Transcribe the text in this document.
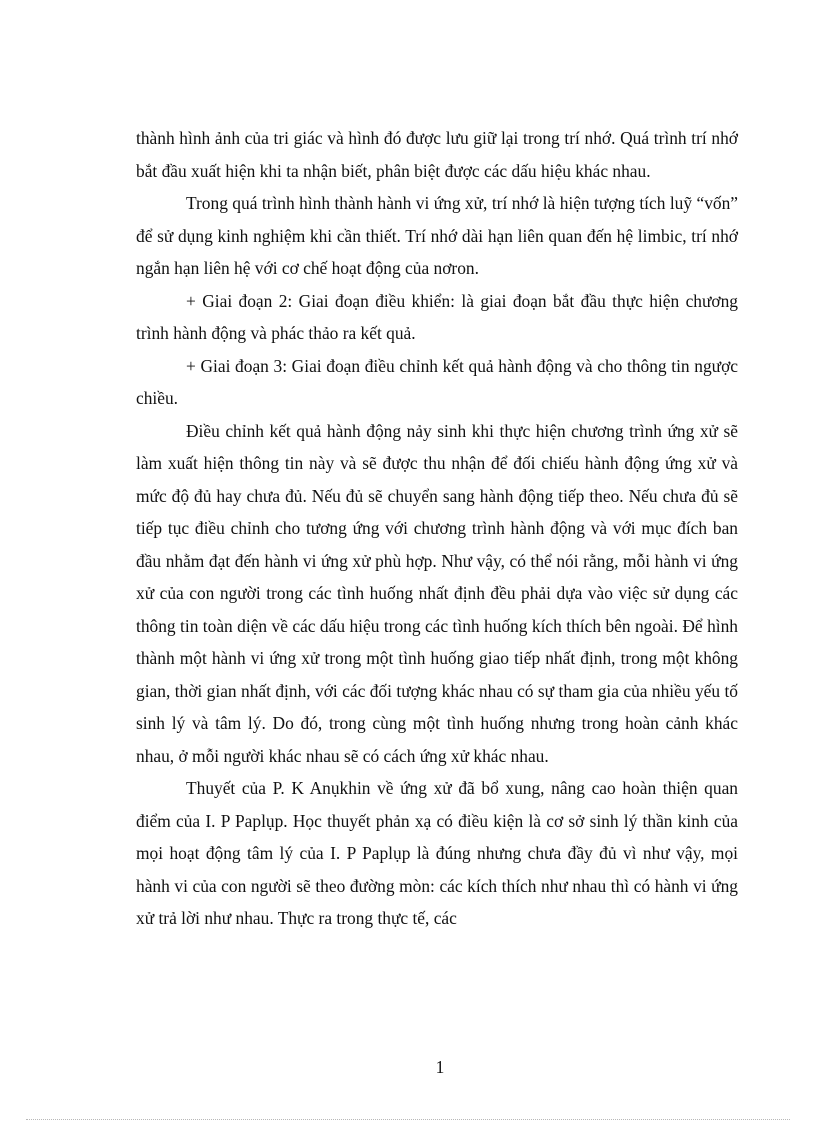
thành hình ảnh của tri giác và hình đó được lưu giữ lại trong trí nhớ. Quá trình trí nhớ bắt đầu xuất hiện khi ta nhận biết, phân biệt được các dấu hiệu khác nhau.

Trong quá trình hình thành hành vi ứng xử, trí nhớ là hiện tượng tích luỹ “vốn” để sử dụng kinh nghiệm khi cần thiết. Trí nhớ dài hạn liên quan đến hệ limbic, trí nhớ ngắn hạn liên hệ với cơ chế hoạt động của nơron.

+ Giai đoạn 2: Giai đoạn điều khiển: là giai đoạn bắt đầu thực hiện chương trình hành động và phác thảo ra kết quả.

+ Giai đoạn 3: Giai đoạn điều chỉnh kết quả hành động và cho thông tin ngược chiều.

Điều chỉnh kết quả hành động nảy sinh khi thực hiện chương trình ứng xử sẽ làm xuất hiện thông tin này và sẽ được thu nhận để đối chiếu hành động ứng xử và mức độ đủ hay chưa đủ. Nếu đủ sẽ chuyển sang hành động tiếp theo. Nếu chưa đủ sẽ tiếp tục điều chỉnh cho tương ứng với chương trình hành động và với mục đích ban đầu nhằm đạt đến hành vi ứng xử phù hợp. Như vậy, có thể nói rằng, mỗi hành vi ứng xử của con người trong các tình huống nhất định đều phải dựa vào việc sử dụng các thông tin toàn diện về các dấu hiệu trong các tình huống kích thích bên ngoài. Để hình thành một hành vi ứng xử trong một tình huống giao tiếp nhất định, trong một không gian, thời gian nhất định, với các đối tượng khác nhau có sự tham gia của nhiều yếu tố sinh lý và tâm lý. Do đó, trong cùng một tình huống nhưng trong hoàn cảnh khác nhau, ở mỗi người khác nhau sẽ có cách ứng xử khác nhau.

Thuyết của P. K Anụkhin về ứng xử đã bổ xung, nâng cao hoàn thiện quan điểm của I. P Paplụp. Học thuyết phản xạ có điều kiện là cơ sở sinh lý thần kinh của mọi hoạt động tâm lý của I. P Paplụp là đúng nhưng chưa đầy đủ vì như vậy, mọi hành vi của con người sẽ theo đường mòn: các kích thích như nhau thì có hành vi ứng xử trả lời như nhau. Thực ra trong thực tế, các

1
